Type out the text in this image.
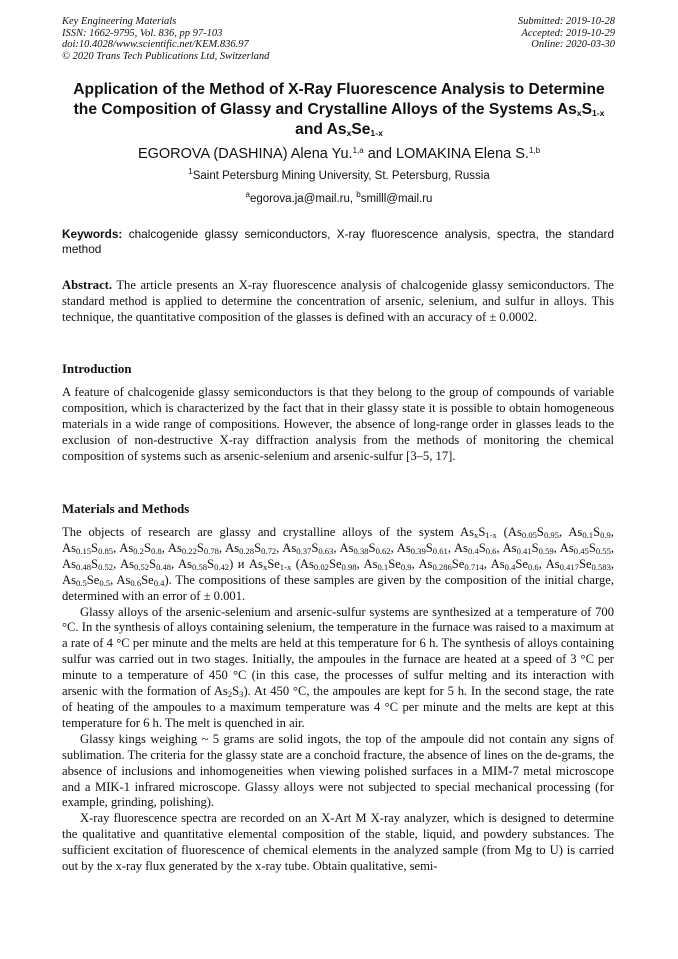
Key Engineering Materials
ISSN: 1662-9795, Vol. 836, pp 97-103
doi:10.4028/www.scientific.net/KEM.836.97
© 2020 Trans Tech Publications Ltd, Switzerland
Submitted: 2019-10-28
Accepted: 2019-10-29
Online: 2020-03-30
Application of the Method of X-Ray Fluorescence Analysis to Determine
the Composition of Glassy and Crystalline Alloys of the Systems $As_xS_{1-x}$
and $As_xSe_{1-x}$
EGOROVA (DASHINA) Alena Yu.$^{1,a}$ and LOMAKINA Elena S.$^{1,b}$
$^1$Saint Petersburg Mining University, St. Petersburg, Russia
$^a$egorova.ja@mail.ru, $^b$smilll@mail.ru
Keywords: chalcogenide glassy semiconductors, X-ray fluorescence analysis, spectra, the standard method
Abstract. The article presents an X-ray fluorescence analysis of chalcogenide glassy semiconductors. The standard method is applied to determine the concentration of arsenic, selenium, and sulfur in alloys. This technique, the quantitative composition of the glasses is defined with an accuracy of ± 0.0002.
Introduction
A feature of chalcogenide glassy semiconductors is that they belong to the group of compounds of variable composition, which is characterized by the fact that in their glassy state it is possible to obtain homogeneous materials in a wide range of compositions. However, the absence of long-range order in glasses leads to the exclusion of non-destructive X-ray diffraction analysis from the methods of monitoring the chemical composition of systems such as arsenic-selenium and arsenic-sulfur [3–5, 17].
Materials and Methods

The objects of research are glassy and crystalline alloys of the system $As_xS_{1-x}$ ($As_{0.05}S_{0.95}$, $As_{0.1}S_{0.9}$, $As_{0.15}S_{0.85}$, $As_{0.2}S_{0.8}$, $As_{0.22}S_{0.78}$, $As_{0.28}S_{0.72}$, $As_{0.37}S_{0.63}$, $As_{0.38}S_{0.62}$, $As_{0.39}S_{0.61}$, $As_{0.4}S_{0.6}$, $As_{0.41}S_{0.59}$, $As_{0.45}S_{0.55}$, $As_{0.48}S_{0.52}$, $As_{0.52}S_{0.48}$, $As_{0.58}S_{0.42}$) и $As_xSe_{1-x}$ ($As_{0.02}Se_{0.98}$, $As_{0.1}Se_{0.9}$, $As_{0.286}Se_{0.714}$, $As_{0.4}Se_{0.6}$, $As_{0.417}Se_{0.583}$, $As_{0.5}Se_{0.5}$, $As_{0.6}Se_{0.4}$). The compositions of these samples are given by the composition of the initial charge, determined with an error of ± 0.001.

Glassy alloys of the arsenic-selenium and arsenic-sulfur systems are synthesized at a temperature of 700 °C. In the synthesis of alloys containing selenium, the temperature in the furnace was raised to a maximum at a rate of 4 °C per minute and the melts are held at this temperature for 6 h. The synthesis of alloys containing sulfur was carried out in two stages. Initially, the ampoules in the furnace are heated at a speed of 3 °C per minute to a temperature of 450 °C (in this case, the processes of sulfur melting and its interaction with arsenic with the formation of $As_2S_3$). At 450 °C, the ampoules are kept for 5 h. In the second stage, the rate of heating of the ampoules to a maximum temperature was 4 °C per minute and the melts are kept at this temperature for 6 h. The melt is quenched in air.

Glassy kings weighing ~ 5 grams are solid ingots, the top of the ampoule did not contain any signs of sublimation. The criteria for the glassy state are a conchoid fracture, the absence of lines on the de-grams, the absence of inclusions and inhomogeneities when viewing polished surfaces in a MIM-7 metal microscope and a MIK-1 infrared microscope. Glassy alloys were not subjected to special mechanical processing (for example, grinding, polishing).

X-ray fluorescence spectra are recorded on an X-Art M X-ray analyzer, which is designed to determine the qualitative and quantitative elemental composition of the stable, liquid, and powdery substances. The sufficient excitation of fluorescence of chemical elements in the analyzed sample (from Mg to U) is carried out by the x-ray flux generated by the x-ray tube. Obtain qualitative, semi-
